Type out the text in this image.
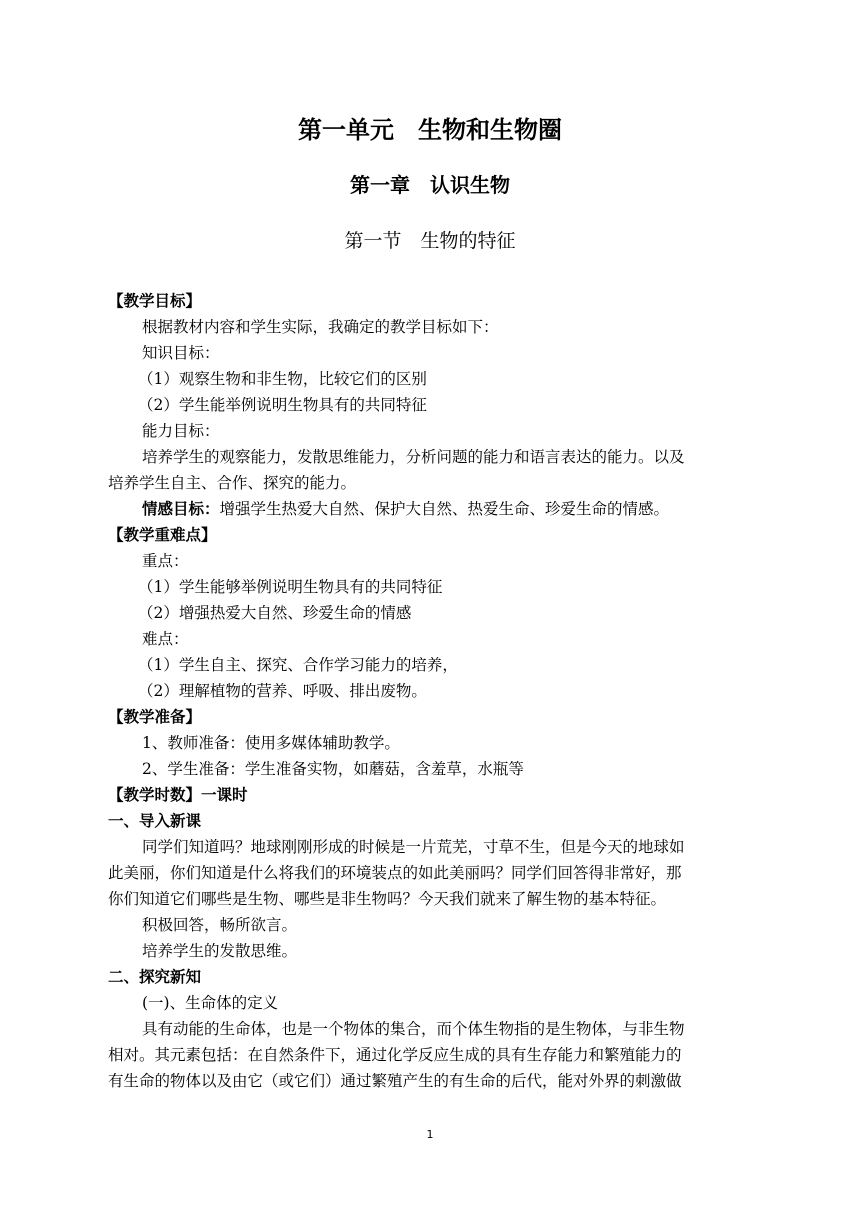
第一单元　生物和生物圈
第一章　认识生物
第一节　生物的特征
【教学目标】
根据教材内容和学生实际，我确定的教学目标如下：
知识目标：
（1）观察生物和非生物，比较它们的区别
（2）学生能举例说明生物具有的共同特征
能力目标：
培养学生的观察能力，发散思维能力，分析问题的能力和语言表达的能力。以及
培养学生自主、合作、探究的能力。
情感目标：增强学生热爱大自然、保护大自然、热爱生命、珍爱生命的情感。
【教学重难点】
重点：
（1）学生能够举例说明生物具有的共同特征
（2）增强热爱大自然、珍爱生命的情感
难点：
（1）学生自主、探究、合作学习能力的培养，
（2）理解植物的营养、呼吸、排出废物。
【教学准备】
1、教师准备：使用多媒体辅助教学。
2、学生准备：学生准备实物，如蘑菇，含羞草，水瓶等
【教学时数】一课时
一、导入新课
同学们知道吗？地球刚刚形成的时候是一片荒芜，寸草不生，但是今天的地球如
此美丽，你们知道是什么将我们的环境装点的如此美丽吗？同学们回答得非常好，那
你们知道它们哪些是生物、哪些是非生物吗？今天我们就来了解生物的基本特征。
积极回答，畅所欲言。
培养学生的发散思维。
二、探究新知
(一)、生命体的定义
具有动能的生命体，也是一个物体的集合，而个体生物指的是生物体，与非生物
相对。其元素包括：在自然条件下，通过化学反应生成的具有生存能力和繁殖能力的
有生命的物体以及由它（或它们）通过繁殖产生的有生命的后代，能对外界的刺激做
1
